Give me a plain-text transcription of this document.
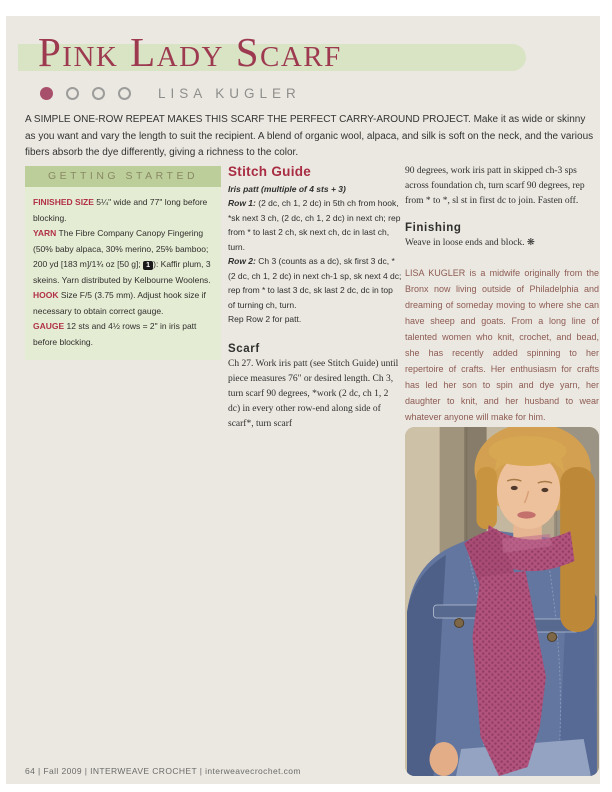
Pink Lady Scarf
LISA KUGLER

A SIMPLE ONE-ROW REPEAT MAKES THIS SCARF THE PERFECT CARRY-AROUND PROJECT. Make it as wide or skinny as you want and vary the length to suit the recipient. A blend of organic wool, alpaca, and silk is soft on the neck, and the various fibers absorb the dye differently, giving a richness to the color.

GETTING STARTED

FINISHED SIZE 5¼" wide and 77" long before blocking.

YARN The Fibre Company Canopy Fingering (50% baby alpaca, 30% merino, 25% bamboo; 200 yd [183 m]/1¾ oz [50 g]; 1 ): Kaffir plum, 3 skeins. Yarn distributed by Kelbourne Woolens.

HOOK Size F/5 (3.75 mm). Adjust hook size if necessary to obtain correct gauge.

GAUGE 12 sts and 4½ rows = 2" in iris patt before blocking.

Stitch Guide

Iris patt (multiple of 4 sts + 3)

Row 1: (2 dc, ch 1, 2 dc) in 5th ch from hook, *sk next 3 ch, (2 dc, ch 1, 2 dc) in next ch; rep from * to last 2 ch, sk next ch, dc in last ch, turn.

Row 2: Ch 3 (counts as a dc), sk first 3 dc, *(2 dc, ch 1, 2 dc) in next ch-1 sp, sk next 4 dc; rep from * to last 3 dc, sk last 2 dc, dc in top of turning ch, turn.

Rep Row 2 for patt.

Scarf

Ch 27. Work iris patt (see Stitch Guide) until piece measures 76" or desired length. Ch 3, turn scarf 90 degrees, *work (2 dc, ch 1, 2 dc) in every other row-end along side of scarf*, turn scarf

90 degrees, work iris patt in skipped ch-3 sps across foundation ch, turn scarf 90 degrees, rep from * to *, sl st in first dc to join. Fasten off.

Finishing

Weave in loose ends and block. ❋

LISA KUGLER is a midwife originally from the Bronx now living outside of Philadelphia and dreaming of someday moving to where she can have sheep and goats. From a long line of talented women who knit, crochet, and bead, she has recently added spinning to her repertoire of crafts. Her enthusiasm for crafts has led her son to spin and dye yarn, her daughter to knit, and her husband to wear whatever anyone will make for him.

64 | Fall 2009 | INTERWEAVE CROCHET | interweavecrochet.com
